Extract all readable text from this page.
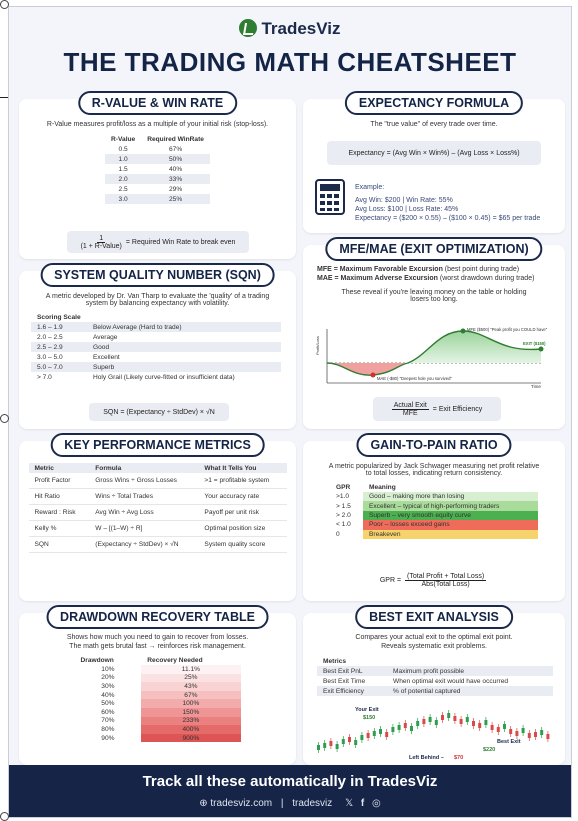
TradesViz
THE TRADING MATH CHEATSHEET
R-VALUE & WIN RATE
R-Value measures profit/loss as a multiple of your initial risk (stop-loss).
R-Value	Required WinRate
0.5	67%
1.0	50%
1.5	40%
2.0	33%
2.5	29%
3.0	25%
$\frac{1}{\text{(1 + R-Value)}}$ = Required Win Rate to break even
EXPECTANCY FORMULA
The "true value" of every trade over time.
Expectancy = (Avg Win × Win%) – (Avg Loss × Loss%)
Example:
Avg Win: $200 | Win Rate: 55%
Avg Loss: $100 | Loss Rate: 45%
Expectancy = ($200 × 0.55) – ($100 × 0.45) = $65 per trade
SYSTEM QUALITY NUMBER (SQN)
A metric developed by Dr. Van Tharp to evaluate the 'quality' of a trading system by balancing expectancy with volatility.
Scoring Scale	
1.6 – 1.9	Below Average (Hard to trade)
2.0 – 2.5	Average
2.5 – 2.9	Good
3.0 – 5.0	Excellent
5.0 – 7.0	Superb
> 7.0	Holy Grail (Likely curve-fitted or insufficient data)
SQN = (Expectancy ÷ StdDev) × √N
MFE/MAE (EXIT OPTIMIZATION)
MFE = Maximum Favorable Excursion (best point during trade)
MAE = Maximum Adverse Excursion (worst drawdown during trade)
These reveal if you're leaving money on the table or holding losers too long.
Profit/Loss
Time
MFE ($500) "Peak profit you COULD have"
MAE (-$80) "Deepest hole you survived"
EXIT ($150)
$\frac{\text{Actual Exit}}{\text{MFE}}$ = Exit Efficiency
KEY PERFORMANCE METRICS
Metric	Formula	What It Tells You
Profit Factor	Gross Wins ÷ Gross Losses	>1 = profitable system
Hit Ratio	Wins ÷ Total Trades	Your accuracy rate
Reward : Risk	Avg Win ÷ Avg Loss	Payoff per unit risk
Kelly %	W – [(1–W) ÷ R]	Optimal position size
SQN	(Expectancy ÷ StdDev) × √N	System quality score
GAIN-TO-PAIN RATIO
A metric popularized by Jack Schwager measuring net profit relative to total losses, indicating return consistency.
GPR	Meaning
>1.0	Good – making more than losing
> 1.5	Excellent – typical of high-performing traders
> 2.0	Superb – very smooth equity curve
< 1.0	Poor – losses exceed gains
0	Breakeven
GPR = $\frac{\text{(Total Profit + Total Loss)}}{\text{Abs(Total Loss)}}$
DRAWDOWN RECOVERY TABLE
Shows how much you need to gain to recover from losses.
The math gets brutal fast → reinforces risk management.
Drawdown	Recovery Needed
10%	11.1%
20%	25%
30%	43%
40%	67%
50%	100%
60%	150%
70%	233%
80%	400%
90%	900%
BEST EXIT ANALYSIS
Compares your actual exit to the optimal exit point.
Reveals systematic exit problems.
Metrics	
Best Exit PnL	Maximum profit possible
Best Exit Time	When optimal exit would have occurred
Exit Efficiency	% of potential captured
Your Exit
$150
Best Exit
$220
Left Behind – $70
Track all these automatically in TradesViz
⊕ tradesviz.com | tradesviz 𝕏 f ◎
